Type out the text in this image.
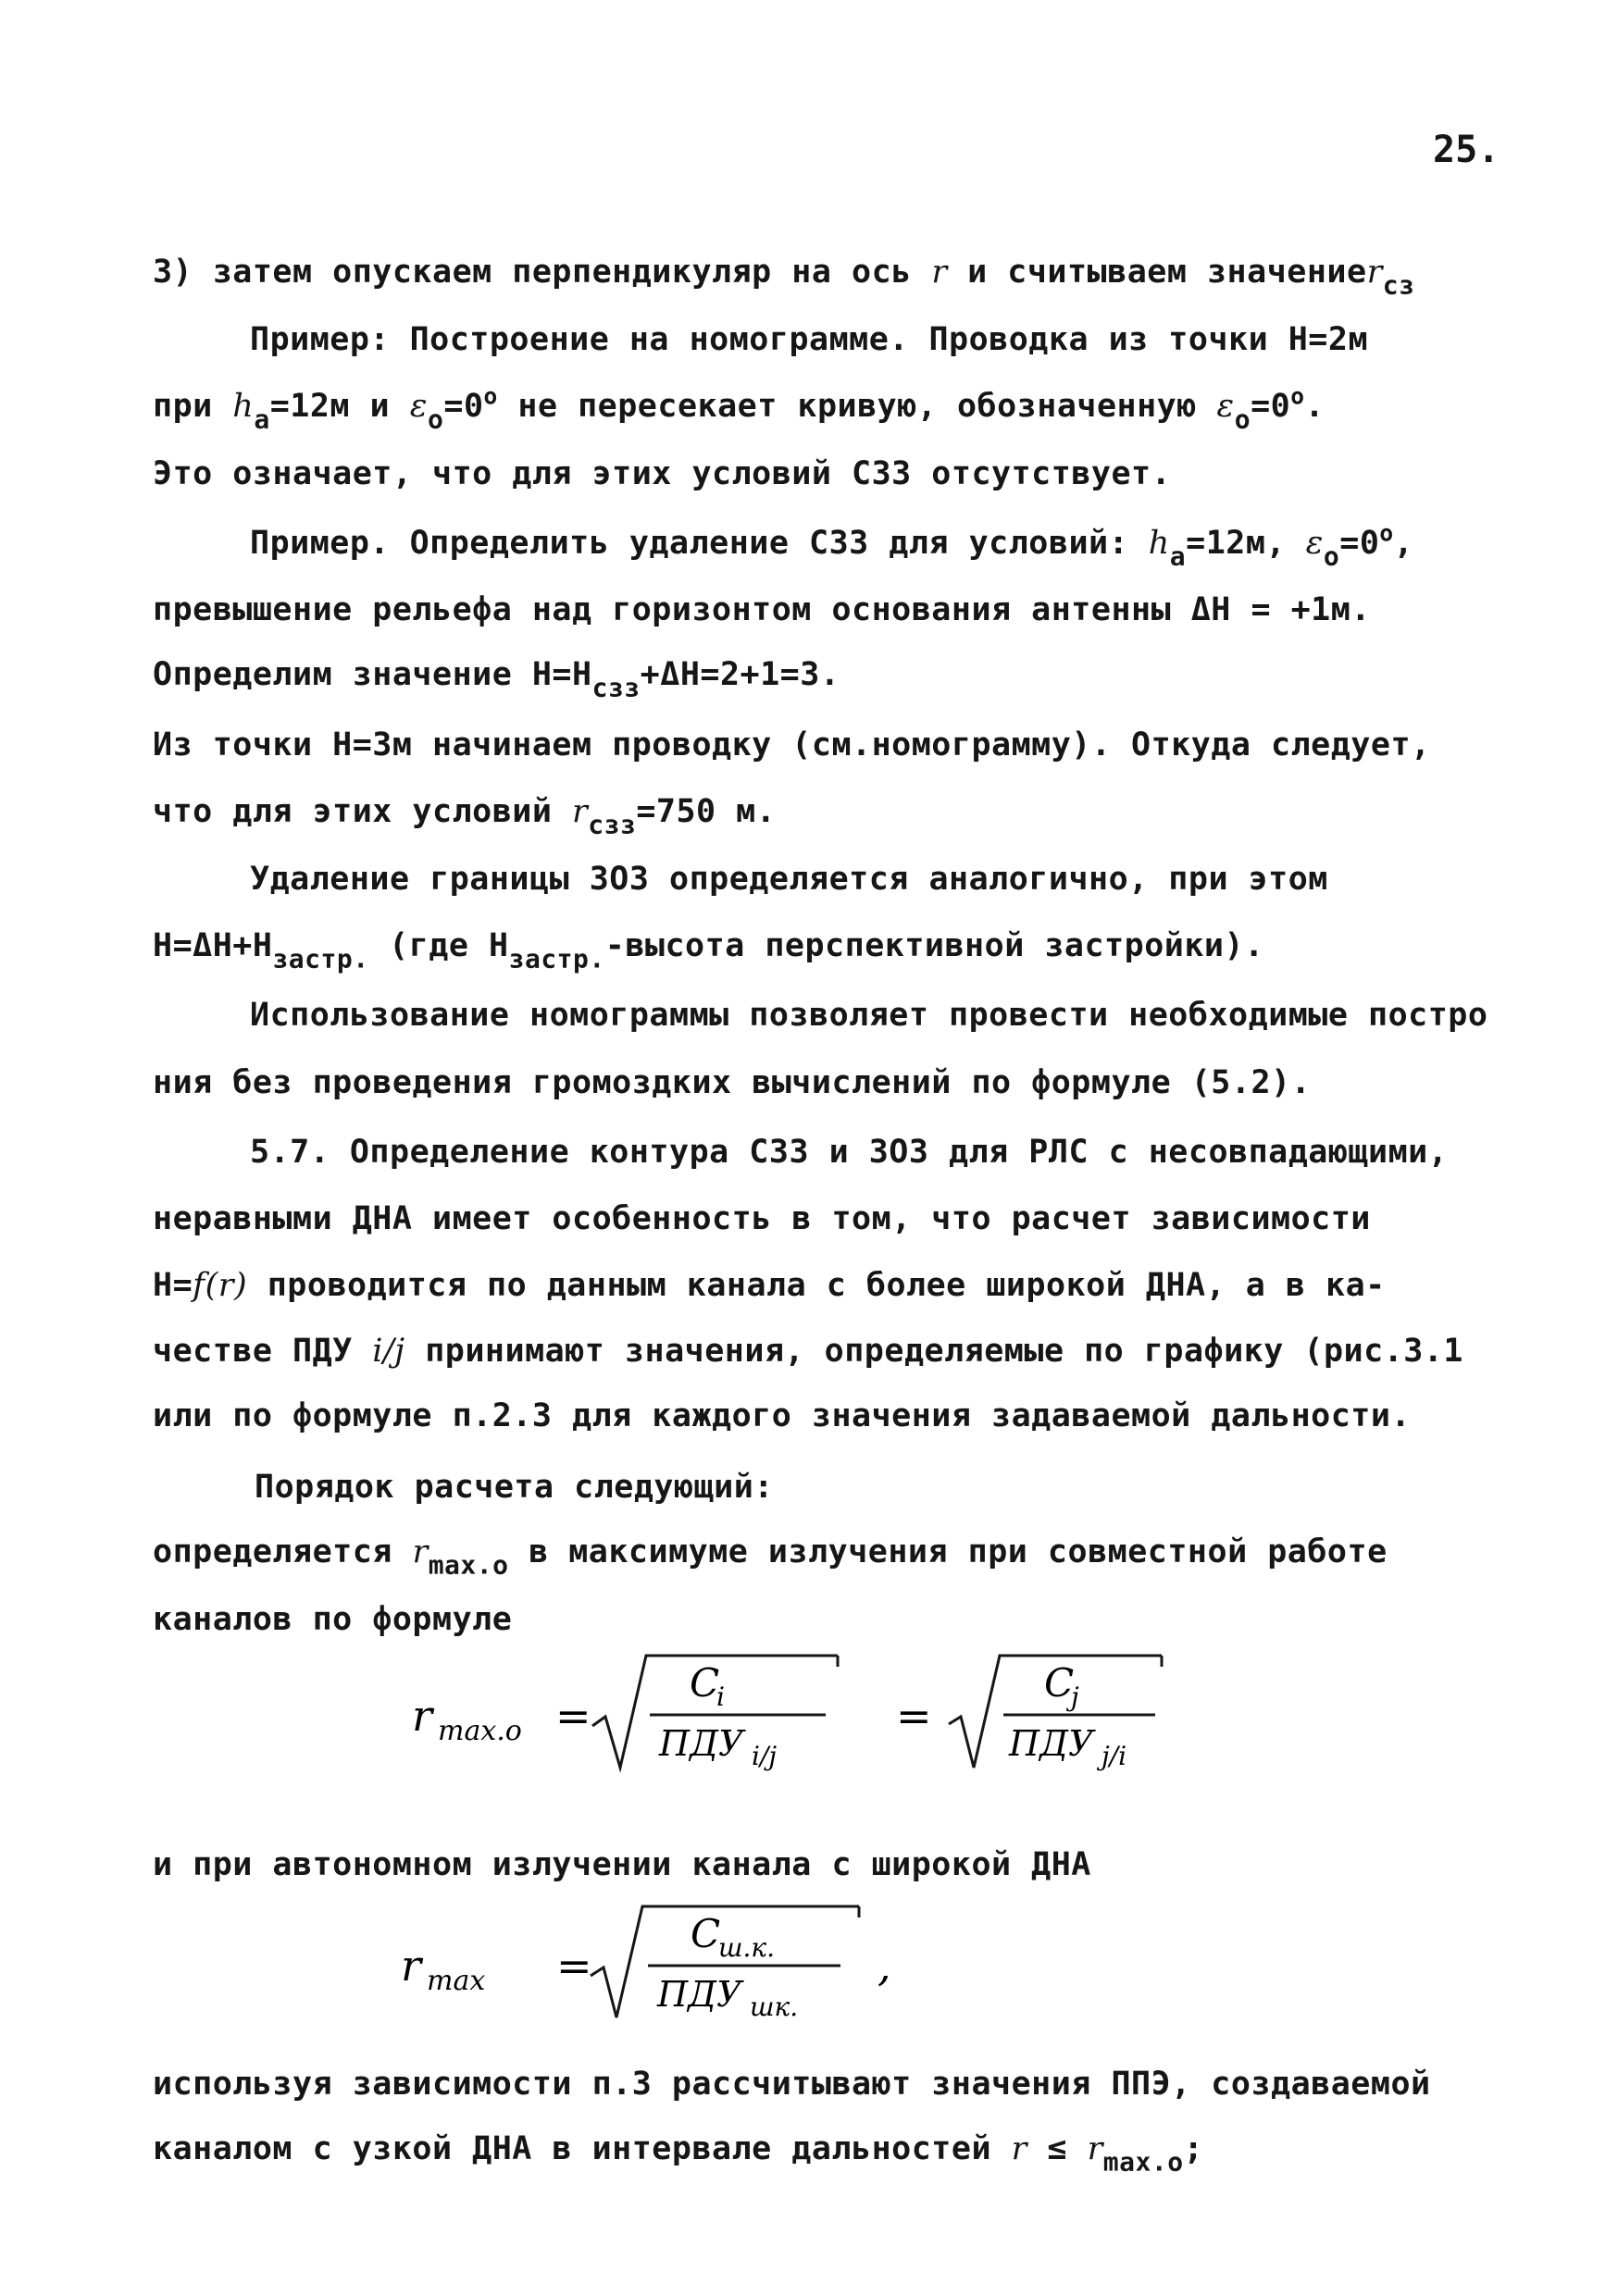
25.
3) затем опускаем перпендикуляр на ось r и считываем значениеr$_{сз}$
Пример: Построение на номограмме. Проводка из точки H=2м
при $h_a=12м$ и $\varepsilon_o=0^o$ не пересекает кривую, обозначенную $\varepsilon_o=0^o$.
Это означает, что для этих условий СЗЗ отсутствует.
Пример. Определить удаление СЗЗ для условий: $h_a=12м$, $\varepsilon_o=0^o$,
превышение рельефа над горизонтом основания антенны ΔH = +1м.
Определим значение $H=H_{сзз}+\Delta H=2+1=3$.
Из точки H=3м начинаем проводку (см.номограмму). Откуда следует,
что для этих условий $r_{сзз}=750$ м.
Удаление границы ЗОЗ определяется аналогично, при этом
$H=\Delta H+H_{застр.}$ (где $H_{застр.}$-высота перспективной застройки).
Использование номограммы позволяет провести необходимые постро
ния без проведения громоздких вычислений по формуле (5.2).
5.7. Определение контура СЗЗ и ЗОЗ для РЛС с несовпадающими,
неравными ДНА имеет особенность в том, что расчет зависимости
H=f(r) проводится по данным канала с более широкой ДНА, а в ка-
честве ПДУ i/j принимают значения, определяемые по графику (рис.3.1
или по формуле п.2.3 для каждого значения задаваемой дальности.
Порядок расчета следующий:
определяется $r_{max.o}$ в максимуме излучения при совместной работе
каналов по формуле
r max.o =
C
i
ПДУ i/j
=
C
j
ПДУ j/i
и при автономном излучении канала с широкой ДНА
r max =
C
ш.к.
ПДУ шк.
,
используя зависимости п.3 рассчитывают значения ППЭ, создаваемой
каналом с узкой ДНА в интервале дальностей $r \le r_{max.o}$;
